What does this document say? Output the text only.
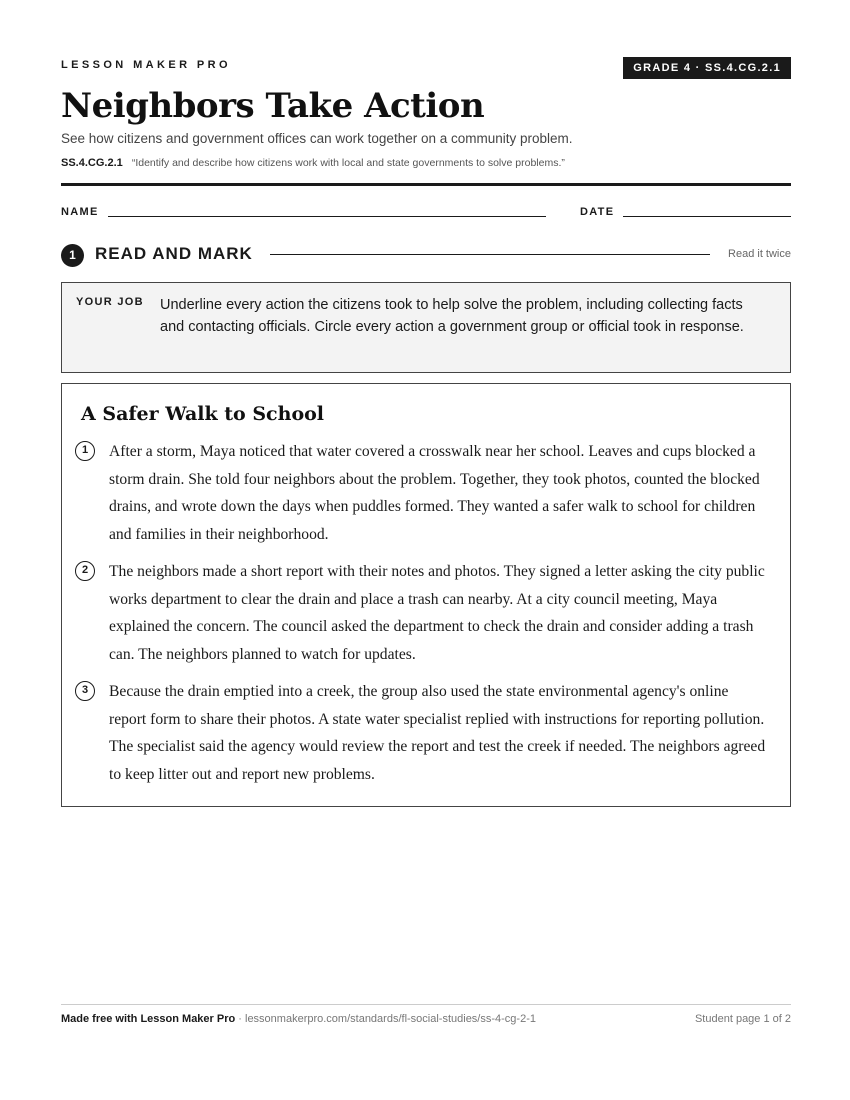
LESSON MAKER PRO	GRADE 4 · SS.4.CG.2.1
Neighbors Take Action

See how citizens and government offices can work together on a community problem.

SS.4.CG.2.1 “Identify and describe how citizens work with local and state governments to solve problems.”

NAME	DATE
1	READ AND MARK	Read it twice
YOUR JOB Underline every action the citizens took to help solve the problem, including collecting facts and contacting officials. Circle every action a government group or official took in response.

A Safer Walk to School
1	After a storm, Maya noticed that water covered a crosswalk near her school. Leaves and cups blocked a storm drain. She told four neighbors about the problem. Together, they took photos, counted the blocked drains, and wrote down the days when puddles formed. They wanted a safer walk to school for children and families in their neighborhood.

2	The neighbors made a short report with their notes and photos. They signed a letter asking the city public works department to clear the drain and place a trash can nearby. At a city council meeting, Maya explained the concern. The council asked the department to check the drain and consider adding a trash can. The neighbors planned to watch for updates.

3	Because the drain emptied into a creek, the group also used the state environmental agency's online report form to share their photos. A state water specialist replied with instructions for reporting pollution. The specialist said the agency would review the report and test the creek if needed. The neighbors agreed to keep litter out and report new problems.

Made free with Lesson Maker Pro · lessonmakerpro.com/standards/fl-social-studies/ss-4-cg-2-1	Student page 1 of 2
